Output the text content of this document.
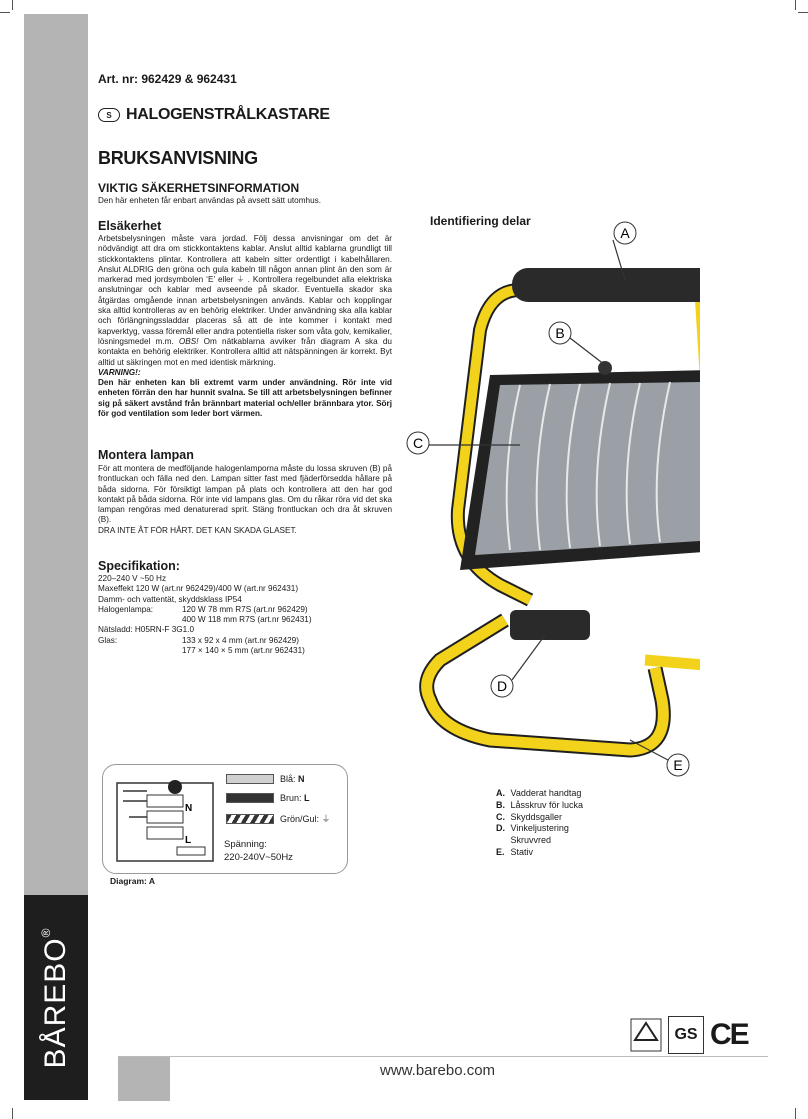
BÅREBO®
Art. nr: 962429 & 962431
S HALOGENSTRÅLKASTARE
BRUKSANVISNING
VIKTIG SÄKERHETSINFORMATION
Den här enheten får enbart användas på avsett sätt utomhus.
Elsäkerhet
Arbetsbelysningen måste vara jordad. Följ dessa anvisningar om det är nödvändigt att dra om stickkontaktens kablar. Anslut alltid kablarna grundligt till stickkontaktens plintar. Kontrollera att kabeln sitter ordentligt i kabelhållaren. Anslut ALDRIG den gröna och gula kabeln till någon annan plint än den som är markerad med jordsymbolen ‘E’ eller ⏚ . Kontrollera regelbundet alla elektriska anslutningar och kablar med avseende på skador. Eventuella skador ska åtgärdas omgående innan arbetsbelysningen används. Kablar och kopplingar ska alltid kontrolleras av en behörig elektriker. Under användning ska alla kablar och förlängningssladdar placeras så att de inte kommer i kontakt med kapverktyg, vassa föremål eller andra potentiella risker som våta golv, kemikalier, lösningsmedel m.m. OBS! Om nätkablarna avviker från diagram A ska du kontakta en behörig elektriker. Kontrollera alltid att nätspänningen är korrekt. Byt alltid ut säkringen mot en med identisk märkning.
VARNING!:
Den här enheten kan bli extremt varm under användning. Rör inte vid enheten förrän den har hunnit svalna. Se till att arbetsbelysningen befinner sig på säkert avstånd från brännbart material och/eller brännbara ytor. Sörj för god ventilation som leder bort värmen.
Montera lampan
För att montera de medföljande halogenlamporna måste du lossa skruven (B) på frontluckan och fälla ned den. Lampan sitter fast med fjäderförsedda hållare på båda sidorna. För försiktigt lampan på plats och kontrollera att den har god kontakt på båda sidorna. Rör inte vid lampans glas. Om du råkar röra vid det ska lampan rengöras med denaturerad sprit. Stäng frontluckan och dra åt skruven (B).
DRA INTE ÅT FÖR HÅRT. DET KAN SKADA GLASET.
Specifikation:
220–240 V ~50 Hz
Maxeffekt 120 W (art.nr 962429)/400 W (art.nr 962431)
Damm- och vattentät, skyddsklass IP54
Halogenlampa:	120 W 78 mm R7S (art.nr 962429)
400 W 118 mm R7S (art.nr 962431)
Nätsladd: H05RN-F 3G1.0
Glas:	133 x 92 x 4 mm (art.nr 962429)
177 × 140 × 5 mm (art.nr 962431)
Identifiering delar
A
B
C
D
E
N
L
Blå: N
Brun: L
Grön/Gul: ⏚
Spänning:
220-240V~50Hz
Diagram: A
A. Vadderat handtag
B. Låsskruv för lucka
C. Skyddsgaller
D. Vinkeljustering
Skruvvred
E. Stativ
GS CE
www.barebo.com
